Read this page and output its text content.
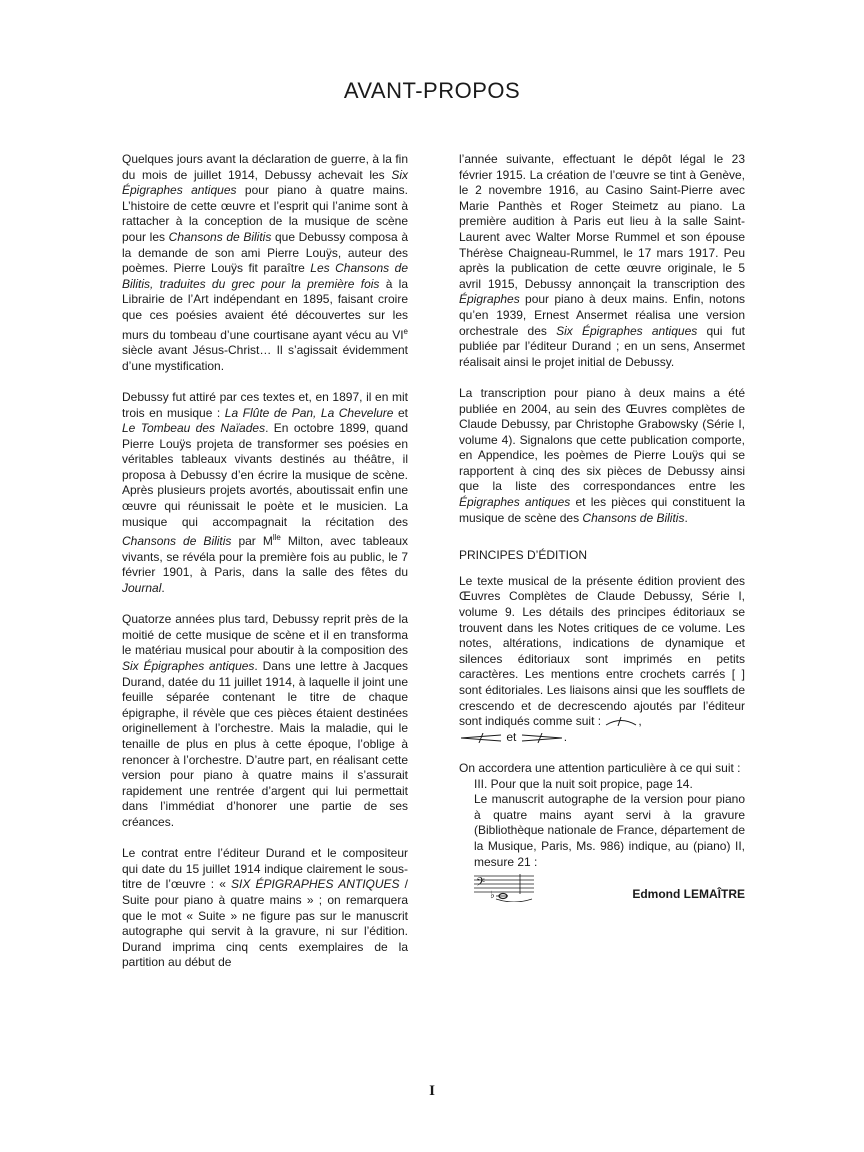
AVANT-PROPOS

Quelques jours avant la déclaration de guerre, à la fin du mois de juillet 1914, Debussy achevait les Six Épigraphes antiques pour piano à quatre mains. L’histoire de cette œuvre et l’esprit qui l’anime sont à rattacher à la conception de la musique de scène pour les Chansons de Bilitis que Debussy composa à la demande de son ami Pierre Louÿs, auteur des poèmes. Pierre Louÿs fit paraître Les Chansons de Bilitis, traduites du grec pour la première fois à la Librairie de l’Art indépendant en 1895, faisant croire que ces poésies avaient été découvertes sur les murs du tombeau d’une courtisane ayant vécu au VIe siècle avant Jésus-Christ… Il s’agissait évidemment d’une mystification.

Debussy fut attiré par ces textes et, en 1897, il en mit trois en musique : La Flûte de Pan, La Chevelure et Le Tombeau des Naïades. En octobre 1899, quand Pierre Louÿs projeta de transformer ses poésies en véritables tableaux vivants destinés au théâtre, il proposa à Debussy d’en écrire la musique de scène. Après plusieurs projets avortés, aboutissait enfin une œuvre qui réunissait le poète et le musicien. La musique qui accompagnait la récitation des Chansons de Bilitis par $M^{lle}$ Milton, avec tableaux vivants, se révéla pour la première fois au public, le 7 février 1901, à Paris, dans la salle des fêtes du Journal.

Quatorze années plus tard, Debussy reprit près de la moitié de cette musique de scène et il en transforma le matériau musical pour aboutir à la composition des Six Épigraphes antiques. Dans une lettre à Jacques Durand, datée du 11 juillet 1914, à laquelle il joint une feuille séparée contenant le titre de chaque épigraphe, il révèle que ces pièces étaient destinées originellement à l’orchestre. Mais la maladie, qui le tenaille de plus en plus à cette époque, l’oblige à renoncer à l’orchestre. D’autre part, en réalisant cette version pour piano à quatre mains il s’assurait rapidement une rentrée d’argent qui lui permettait dans l’immédiat d’honorer une partie de ses créances.

Le contrat entre l’éditeur Durand et le compositeur qui date du 15 juillet 1914 indique clairement le sous-titre de l’œuvre : « SIX ÉPIGRAPHES ANTIQUES / Suite pour piano à quatre mains » ; on remarquera que le mot « Suite » ne figure pas sur le manuscrit autographe qui servit à la gravure, ni sur l’édition. Durand imprima cinq cents exemplaires de la partition au début de

l’année suivante, effectuant le dépôt légal le 23 février 1915. La création de l’œuvre se tint à Genève, le 2 novembre 1916, au Casino Saint-Pierre avec Marie Panthès et Roger Steimetz au piano. La première audition à Paris eut lieu à la salle Saint-Laurent avec Walter Morse Rummel et son épouse Thérèse Chaigneau-Rummel, le 17 mars 1917. Peu après la publication de cette œuvre originale, le 5 avril 1915, Debussy annonçait la transcription des Épigraphes pour piano à deux mains. Enfin, notons qu’en 1939, Ernest Ansermet réalisa une version orchestrale des Six Épigraphes antiques qui fut publiée par l’éditeur Durand ; en un sens, Ansermet réalisait ainsi le projet initial de Debussy.

La transcription pour piano à deux mains a été publiée en 2004, au sein des Œuvres complètes de Claude Debussy, par Christophe Grabowsky (Série I, volume 4). Signalons que cette publication comporte, en Appendice, les poèmes de Pierre Louÿs qui se rapportent à cinq des six pièces de Debussy ainsi que la liste des correspondances entre les Épigraphes antiques et les pièces qui constituent la musique de scène des Chansons de Bilitis.

PRINCIPES D’ÉDITION

Le texte musical de la présente édition provient des Œuvres Complètes de Claude Debussy, Série I, volume 9. Les détails des principes éditoriaux se trouvent dans les Notes critiques de ce volume. Les notes, altérations, indications de dynamique et silences éditoriaux sont imprimés en petits caractères. Les mentions entre crochets carrés [ ] sont éditoriales. Les liaisons ainsi que les soufflets de crescendo et de decrescendo ajoutés par l’éditeur sont indiqués comme suit :	,
et	.

On accordera une attention particulière à ce qui suit :
III. Pour que la nuit soit propice, page 14.
Le manuscrit autographe de la version pour piano à quatre mains ayant servi à la gravure (Bibliothèque nationale de France, département de la Musique, Paris, Ms. 986) indique, au (piano) II, mesure 21 :
𝄢
♭	Edmond LEMAÎTRE
I
